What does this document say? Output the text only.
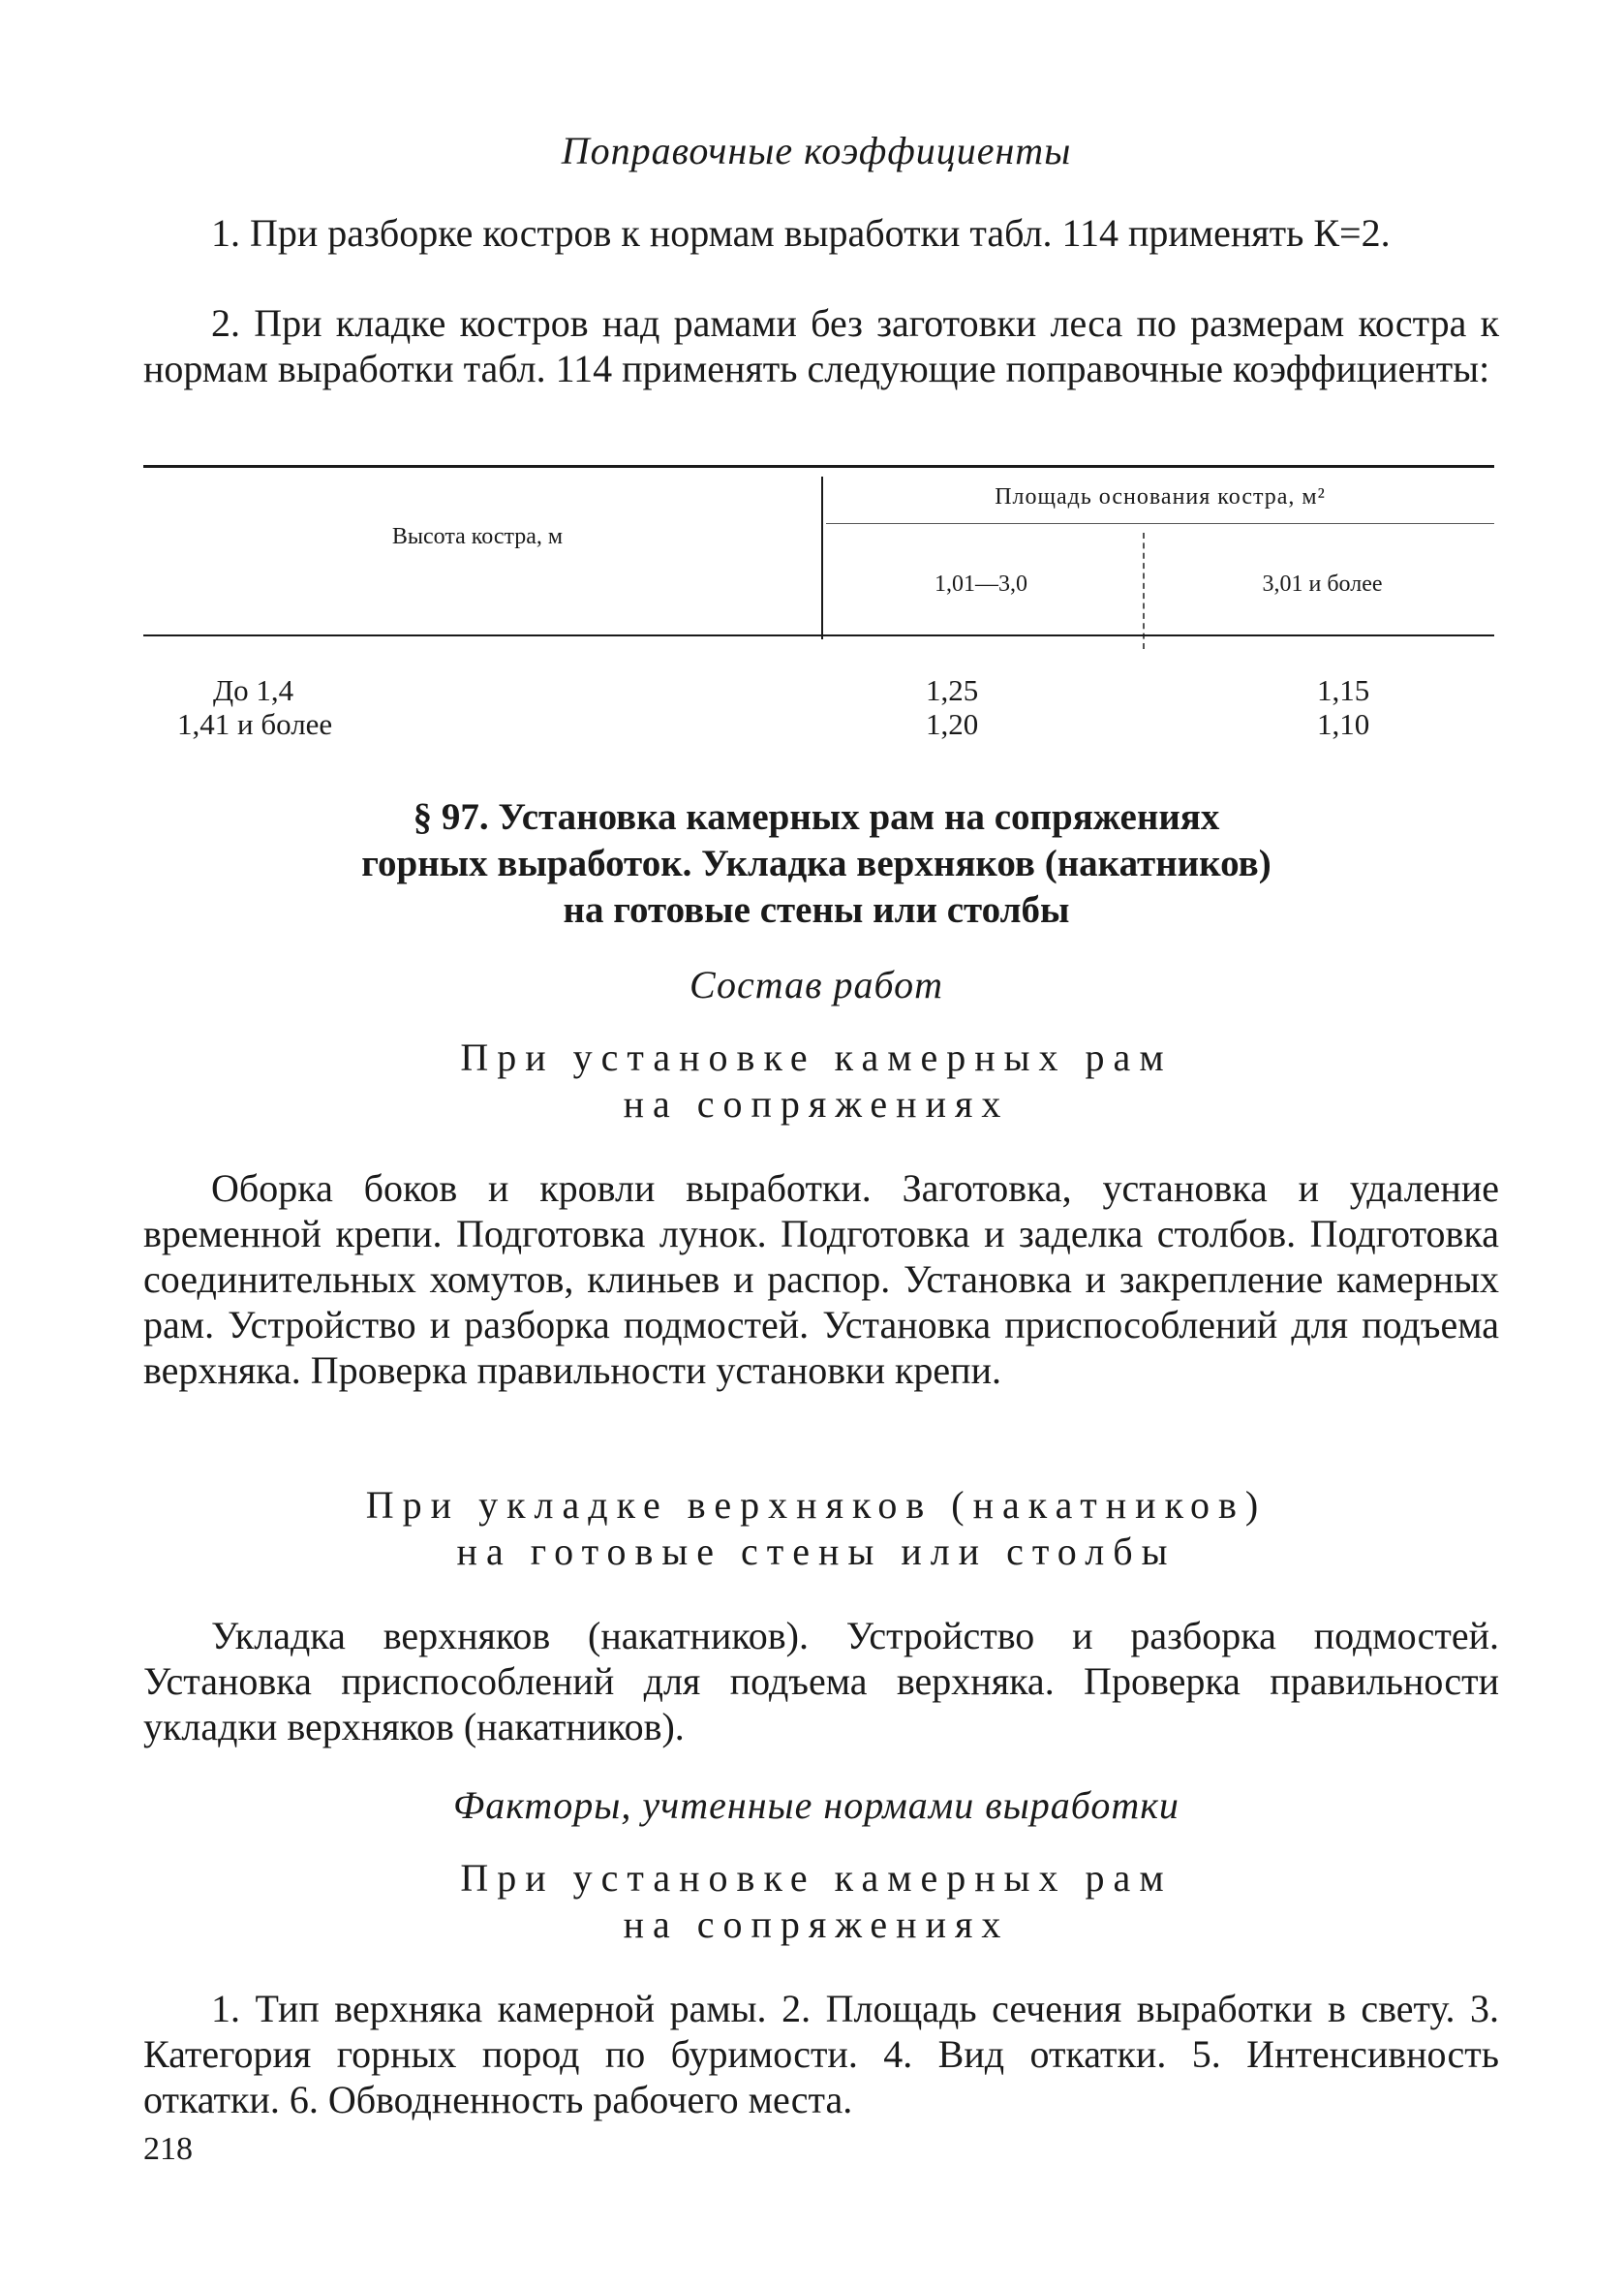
Поправочные коэффициенты
1. При разборке костров к нормам выработки табл. 114 применять К=2.
2. При кладке костров над рамами без заготовки леса по размерам костра к нормам выработки табл. 114 применять следующие поправочные коэффициенты:
Высота костра, м
Площадь основания костра, м²
1,01—3,0	3,01 и более
До 1,4	1,25	1,15
1,41 и более	1,20	1,10
§ 97. Установка камерных рам на сопряжениях
горных выработок. Укладка верхняков (накатников)
на готовые стены или столбы
Состав работ
При установке камерных рам
на сопряжениях
Оборка боков и кровли выработки. Заготовка, установка и удаление временной крепи. Подготовка лунок. Подготовка и заделка столбов. Подготовка соединительных хомутов, клиньев и распор. Установка и закрепление камерных рам. Устройство и разборка подмостей. Установка приспособлений для подъема верхняка. Проверка правильности установки крепи.
При укладке верхняков (накатников)
на готовые стены или столбы
Укладка верхняков (накатников). Устройство и разборка подмостей. Установка приспособлений для подъема верхняка. Проверка правильности укладки верхняков (накатников).
Факторы, учтенные нормами выработки
При установке камерных рам
на сопряжениях
1. Тип верхняка камерной рамы. 2. Площадь сечения выработки в свету. 3. Категория горных пород по буримости. 4. Вид откатки. 5. Интенсивность откатки. 6. Обводненность рабочего места.
218
